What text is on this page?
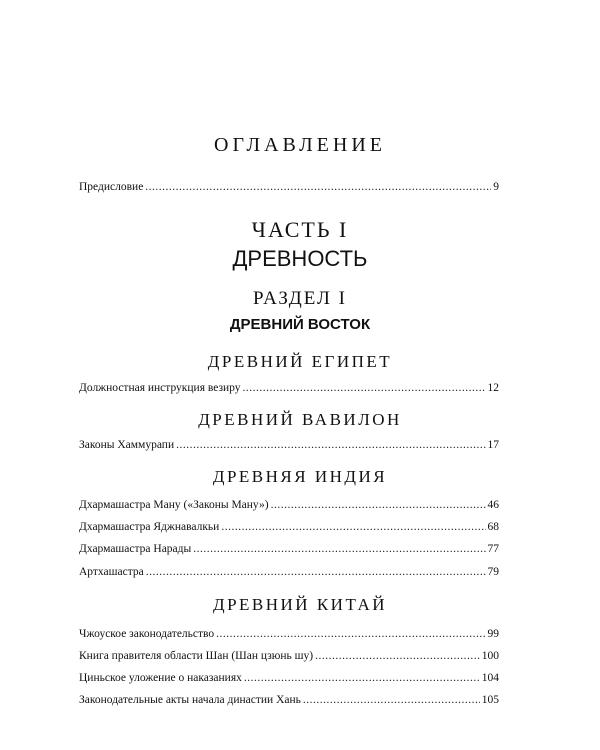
ОГЛАВЛЕНИЕ
Предисловие .....	9
ЧАСТЬ I
ДРЕВНОСТЬ
РАЗДЕЛ I
ДРЕВНИЙ ВОСТОК
ДРЕВНИЙ ЕГИПЕТ
Должностная инструкция везиру .....	12
ДРЕВНИЙ ВАВИЛОН
Законы Хаммурапи .....	17
ДРЕВНЯЯ ИНДИЯ
Дхармашастра Ману («Законы Ману») .....	46
Дхармашастра Яджнавалкьи .....	68
Дхармашастра Нарады .....	77
Артхашастра .....	79
ДРЕВНИЙ КИТАЙ
Чжоуское законодательство .....	99
Книга правителя области Шан (Шан цзюнь шу) .....	100
Циньское уложение о наказаниях .....	104
Законодательные акты начала династии Хань .....	105
